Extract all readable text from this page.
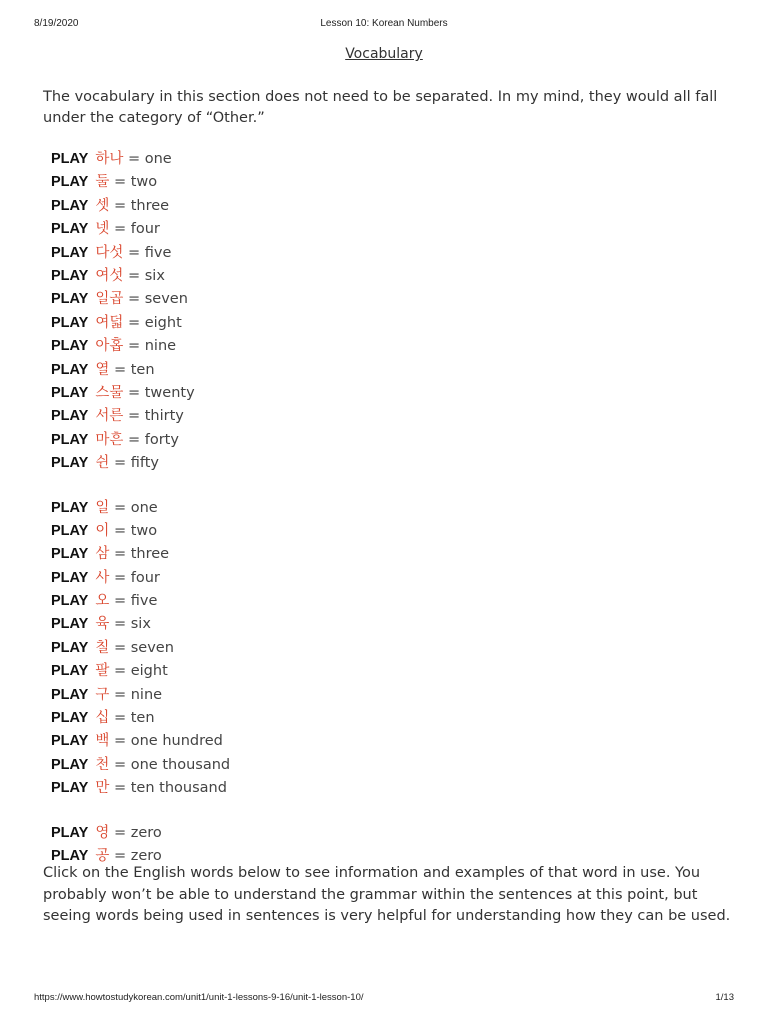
8/19/2020	Lesson 10: Korean Numbers
Vocabulary

The vocabulary in this section does not need to be separated. In my mind, they would all fall under the category of “Other.”

PLAY 하나 = one
PLAY 둘 = two
PLAY 셋 = three
PLAY 넷 = four
PLAY 다섯 = five
PLAY 여섯 = six
PLAY 일곱 = seven
PLAY 여덟 = eight
PLAY 아홉 = nine
PLAY 열 = ten
PLAY 스물 = twenty
PLAY 서른 = thirty
PLAY 마흔 = forty
PLAY 쉰 = fifty
PLAY 일 = one
PLAY 이 = two
PLAY 삼 = three
PLAY 사 = four
PLAY 오 = five
PLAY 육 = six
PLAY 칠 = seven
PLAY 팔 = eight
PLAY 구 = nine
PLAY 십 = ten
PLAY 백 = one hundred
PLAY 천 = one thousand
PLAY 만 = ten thousand
PLAY 영 = zero
PLAY 공 = zero

Click on the English words below to see information and examples of that word in use. You probably won’t be able to understand the grammar within the sentences at this point, but seeing words being used in sentences is very helpful for understanding how they can be used.

https://www.howtostudykorean.com/unit1/unit-1-lessons-9-16/unit-1-lesson-10/	1/13
